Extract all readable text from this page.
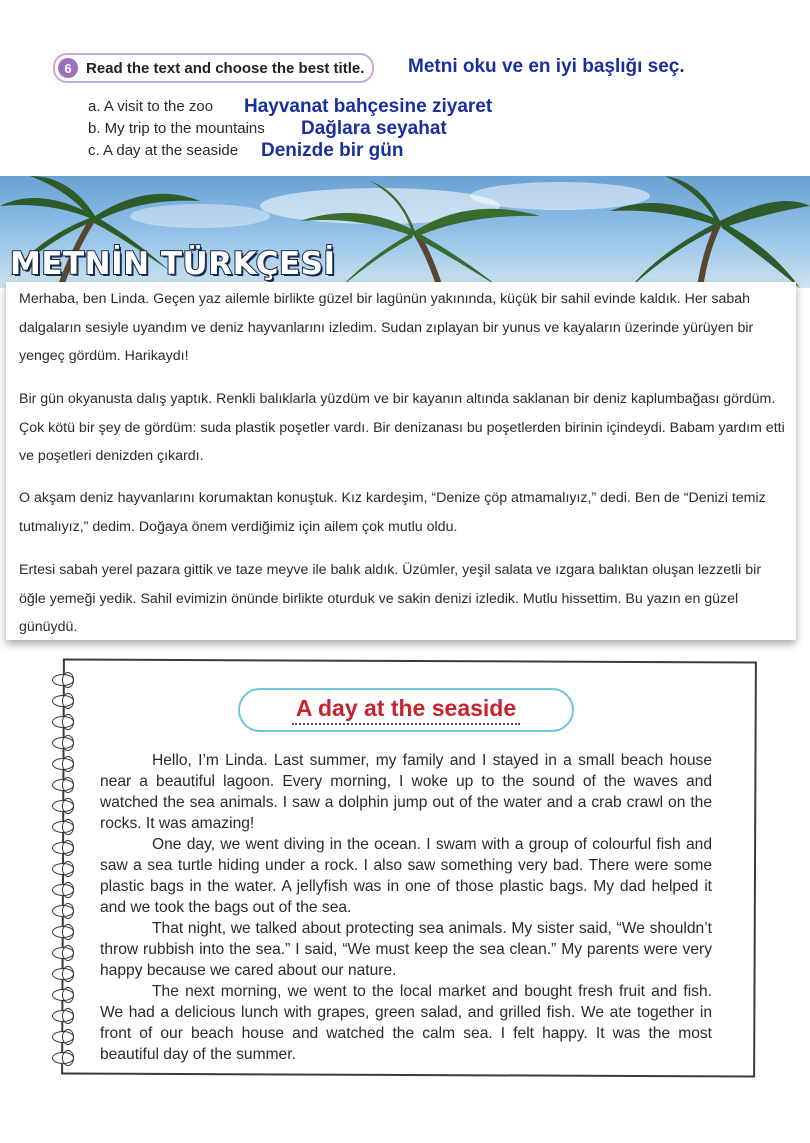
6 Read the text and choose the best title. Metni oku ve en iyi başlığı seç.
a. A visit to the zoo Hayvanat bahçesine ziyaret
b. My trip to the mountains Dağlara seyahat
c. A day at the seaside Denizde bir gün
METNİN TÜRKÇESİ
Merhaba, ben Linda. Geçen yaz ailemle birlikte güzel bir lagünün yakınında, küçük bir sahil evinde kaldık. Her sabah dalgaların sesiyle uyandım ve deniz hayvanlarını izledim. Sudan zıplayan bir yunus ve kayaların üzerinde yürüyen bir yengeç gördüm. Harikaydı!
Bir gün okyanusta dalış yaptık. Renkli balıklarla yüzdüm ve bir kayanın altında saklanan bir deniz kaplumbağası gördüm. Çok kötü bir şey de gördüm: suda plastik poşetler vardı. Bir denizanası bu poşetlerden birinin içindeydi. Babam yardım etti ve poşetleri denizden çıkardı.
O akşam deniz hayvanlarını korumaktan konuştuk. Kız kardeşim, “Denize çöp atmamalıyız,” dedi. Ben de “Denizi temiz tutmalıyız,” dedim. Doğaya önem verdiğimiz için ailem çok mutlu oldu.
Ertesi sabah yerel pazara gittik ve taze meyve ile balık aldık. Üzümler, yeşil salata ve ızgara balıktan oluşan lezzetli bir öğle yemeği yedik. Sahil evimizin önünde birlikte oturduk ve sakin denizi izledik. Mutlu hissettim. Bu yazın en güzel günüydü.
A day at the seaside
Hello, I’m Linda. Last summer, my family and I stayed in a small beach house near a beautiful lagoon. Every morning, I woke up to the sound of the waves and watched the sea animals. I saw a dolphin jump out of the water and a crab crawl on the rocks. It was amazing!
One day, we went diving in the ocean. I swam with a group of colourful fish and saw a sea turtle hiding under a rock. I also saw something very bad. There were some plastic bags in the water. A jellyfish was in one of those plastic bags. My dad helped it and we took the bags out of the sea.
That night, we talked about protecting sea animals. My sister said, “We shouldn’t throw rubbish into the sea.” I said, “We must keep the sea clean.” My parents were very happy because we cared about our nature.
The next morning, we went to the local market and bought fresh fruit and fish. We had a delicious lunch with grapes, green salad, and grilled fish. We ate together in front of our beach house and watched the calm sea. I felt happy. It was the most beautiful day of the summer.
